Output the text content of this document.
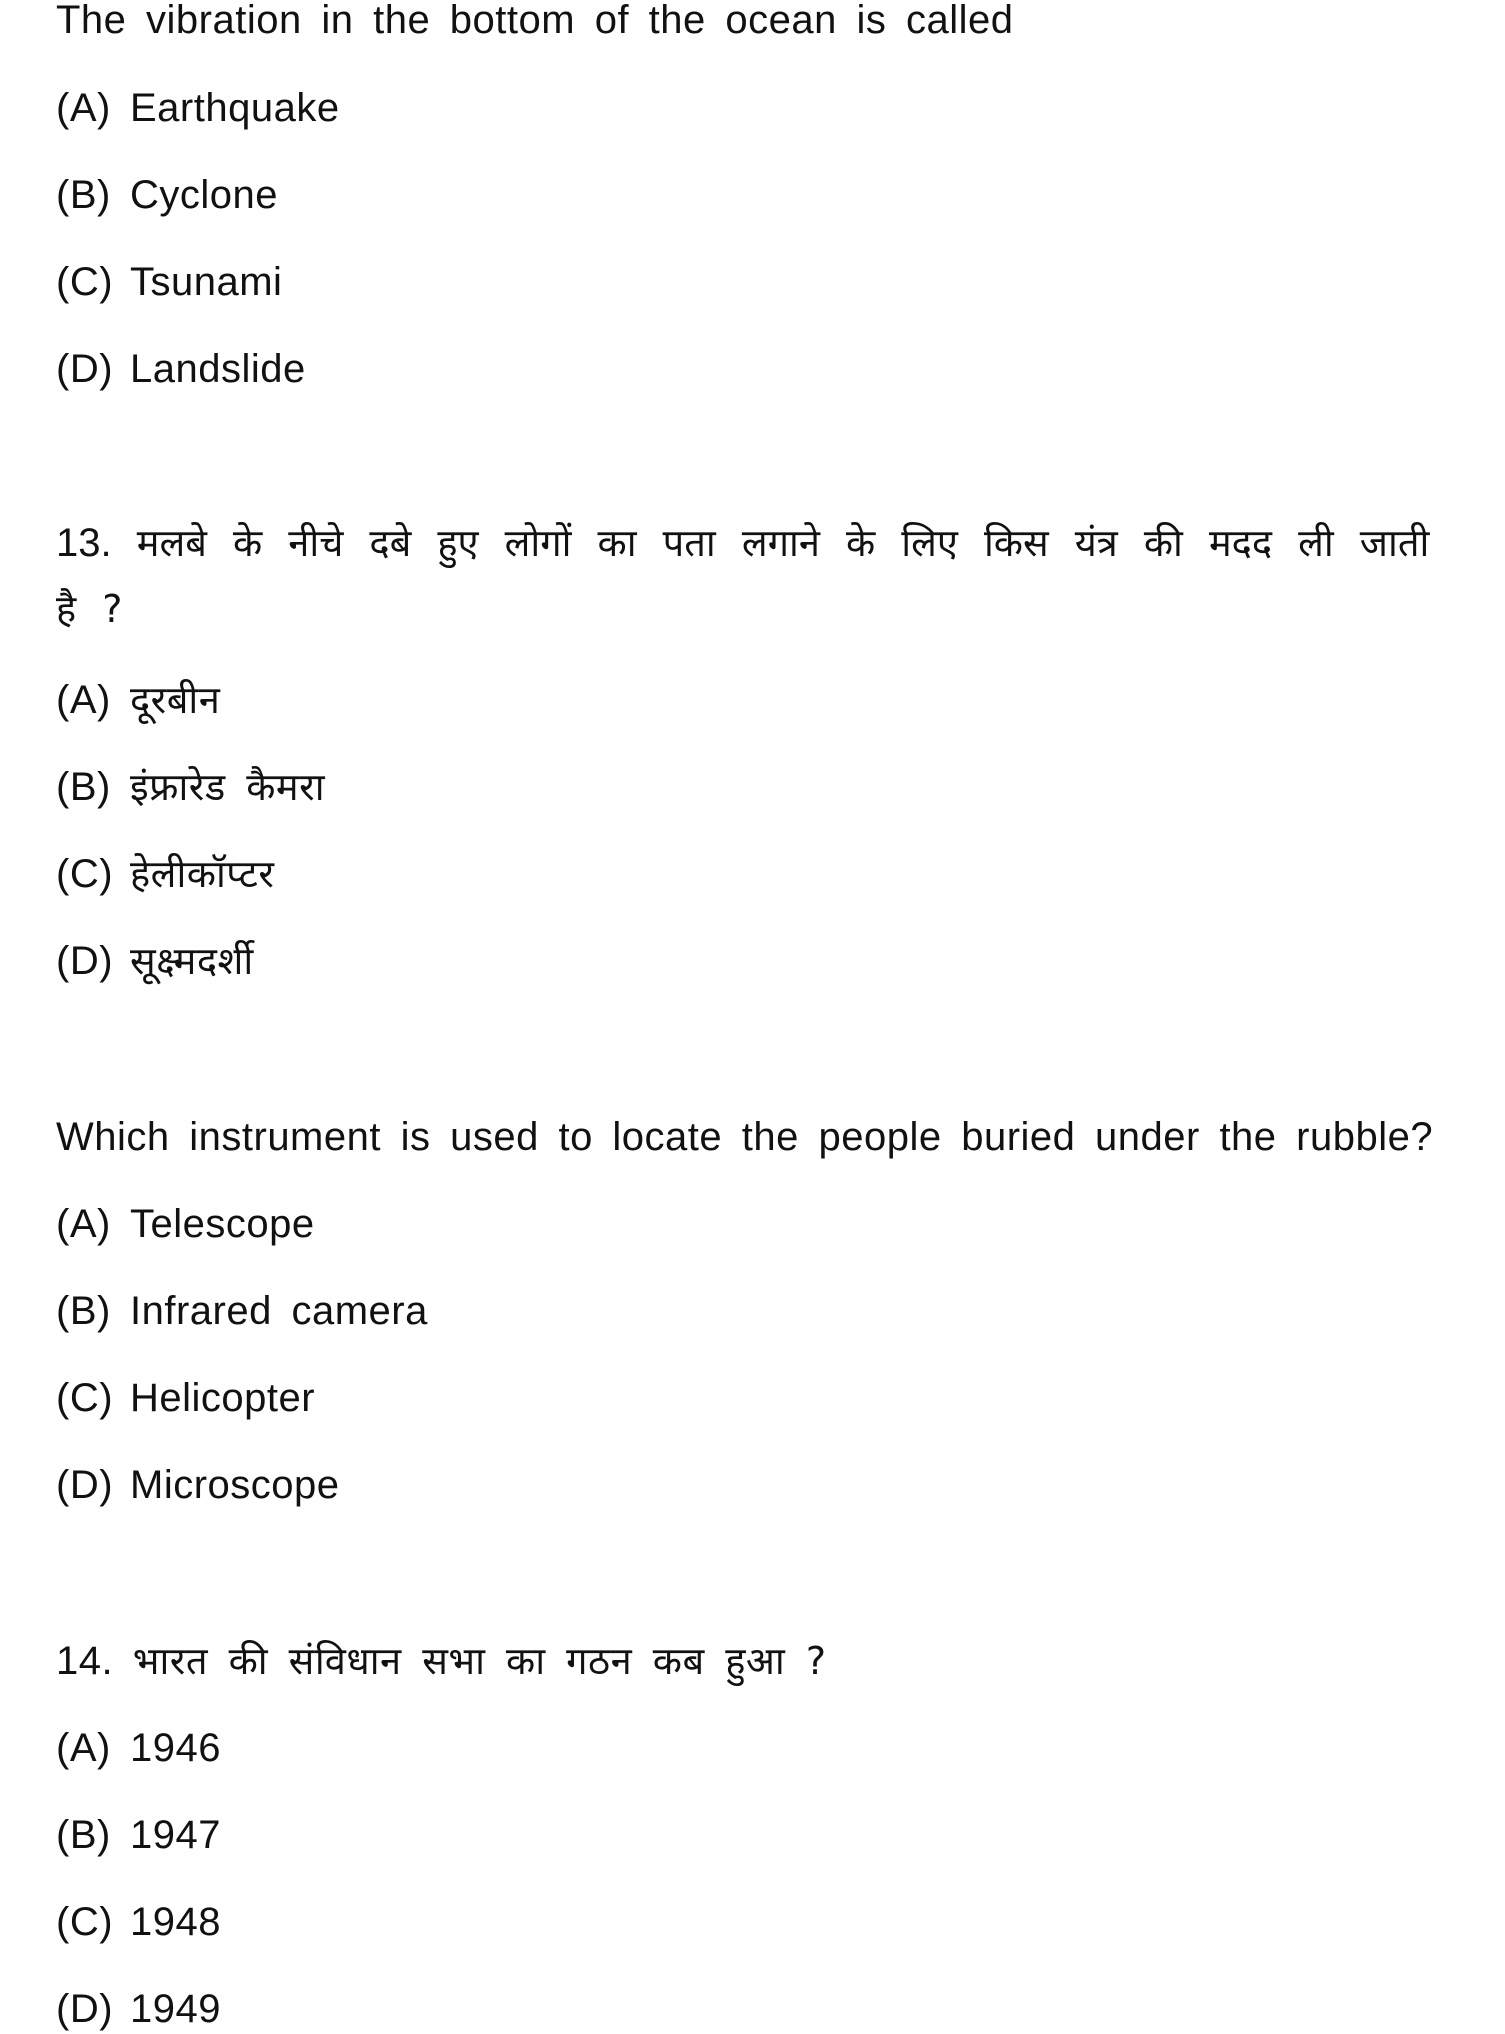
The vibration in the bottom of the ocean is called
(A) Earthquake
(B) Cyclone
(C) Tsunami
(D) Landslide
13. मलबे के नीचे दबे हुए लोगों का पता लगाने के लिए किस यंत्र की मदद ली जाती है ?
(A) दूरबीन
(B) इंफ्रारेड कैमरा
(C) हेलीकॉप्टर
(D) सूक्ष्मदर्शी
Which instrument is used to locate the people buried under the rubble?
(A) Telescope
(B) Infrared camera
(C) Helicopter
(D) Microscope
14. भारत की संविधान सभा का गठन कब हुआ ?
(A) 1946
(B) 1947
(C) 1948
(D) 1949
